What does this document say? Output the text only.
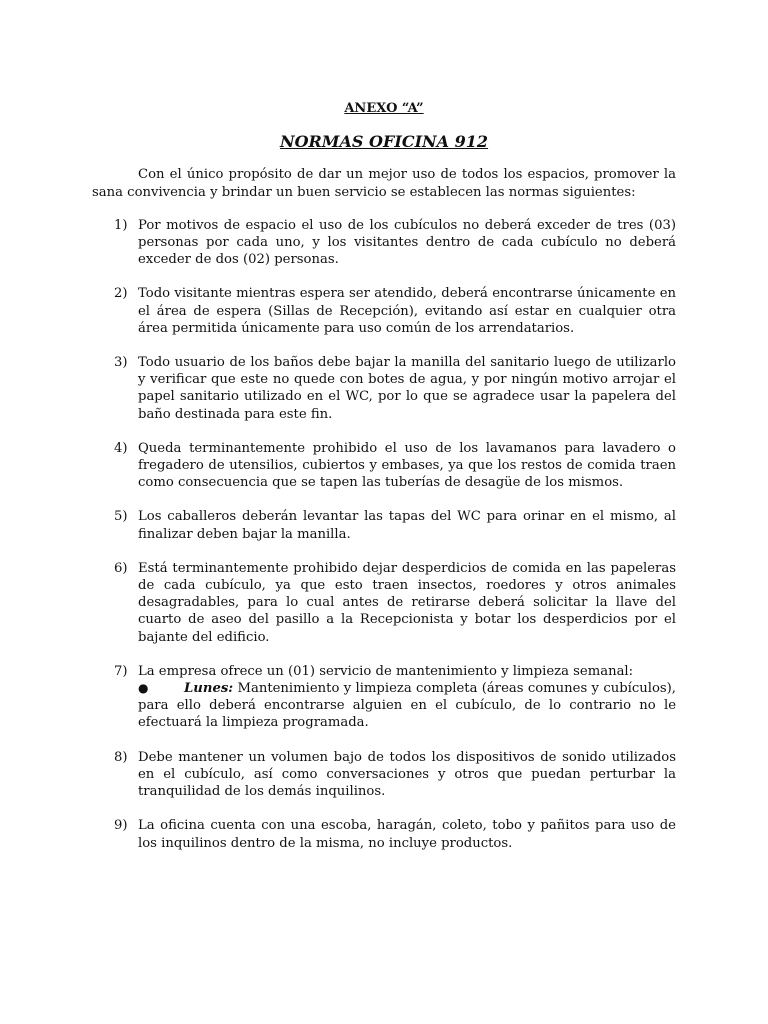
ANEXO “A”
NORMAS OFICINA 912

Con el único propósito de dar un mejor uso de todos los espacios, promover la sana convivencia y brindar un buen servicio se establecen las normas siguientes:

1) Por motivos de espacio el uso de los cubículos no deberá exceder de tres (03) personas por cada uno, y los visitantes dentro de cada cubículo no deberá exceder de dos (02) personas.
2) Todo visitante mientras espera ser atendido, deberá encontrarse únicamente en el área de espera (Sillas de Recepción), evitando así estar en cualquier otra área permitida únicamente para uso común de los arrendatarios.
3) Todo usuario de los baños debe bajar la manilla del sanitario luego de utilizarlo y verificar que este no quede con botes de agua, y por ningún motivo arrojar el papel sanitario utilizado en el WC, por lo que se agradece usar la papelera del baño destinada para este fin.
4) Queda terminantemente prohibido el uso de los lavamanos para lavadero o fregadero de utensilios, cubiertos y embases, ya que los restos de comida traen como consecuencia que se tapen las tuberías de desagüe de los mismos.
5) Los caballeros deberán levantar las tapas del WC para orinar en el mismo, al finalizar deben bajar la manilla.
6) Está terminantemente prohibido dejar desperdicios de comida en las papeleras de cada cubículo, ya que esto traen insectos, roedores y otros animales desagradables, para lo cual antes de retirarse deberá solicitar la llave del cuarto de aseo del pasillo a la Recepcionista y botar los desperdicios por el bajante del edificio.
7) La empresa ofrece un (01) servicio de mantenimiento y limpieza semanal:
●	Lunes: Mantenimiento y limpieza completa (áreas comunes y cubículos), para ello deberá encontrarse alguien en el cubículo, de lo contrario no le efectuará la limpieza programada.
8) Debe mantener un volumen bajo de todos los dispositivos de sonido utilizados en el cubículo, así como conversaciones y otros que puedan perturbar la tranquilidad de los demás inquilinos.
9) La oficina cuenta con una escoba, haragán, coleto, tobo y pañitos para uso de los inquilinos dentro de la misma, no incluye productos.
